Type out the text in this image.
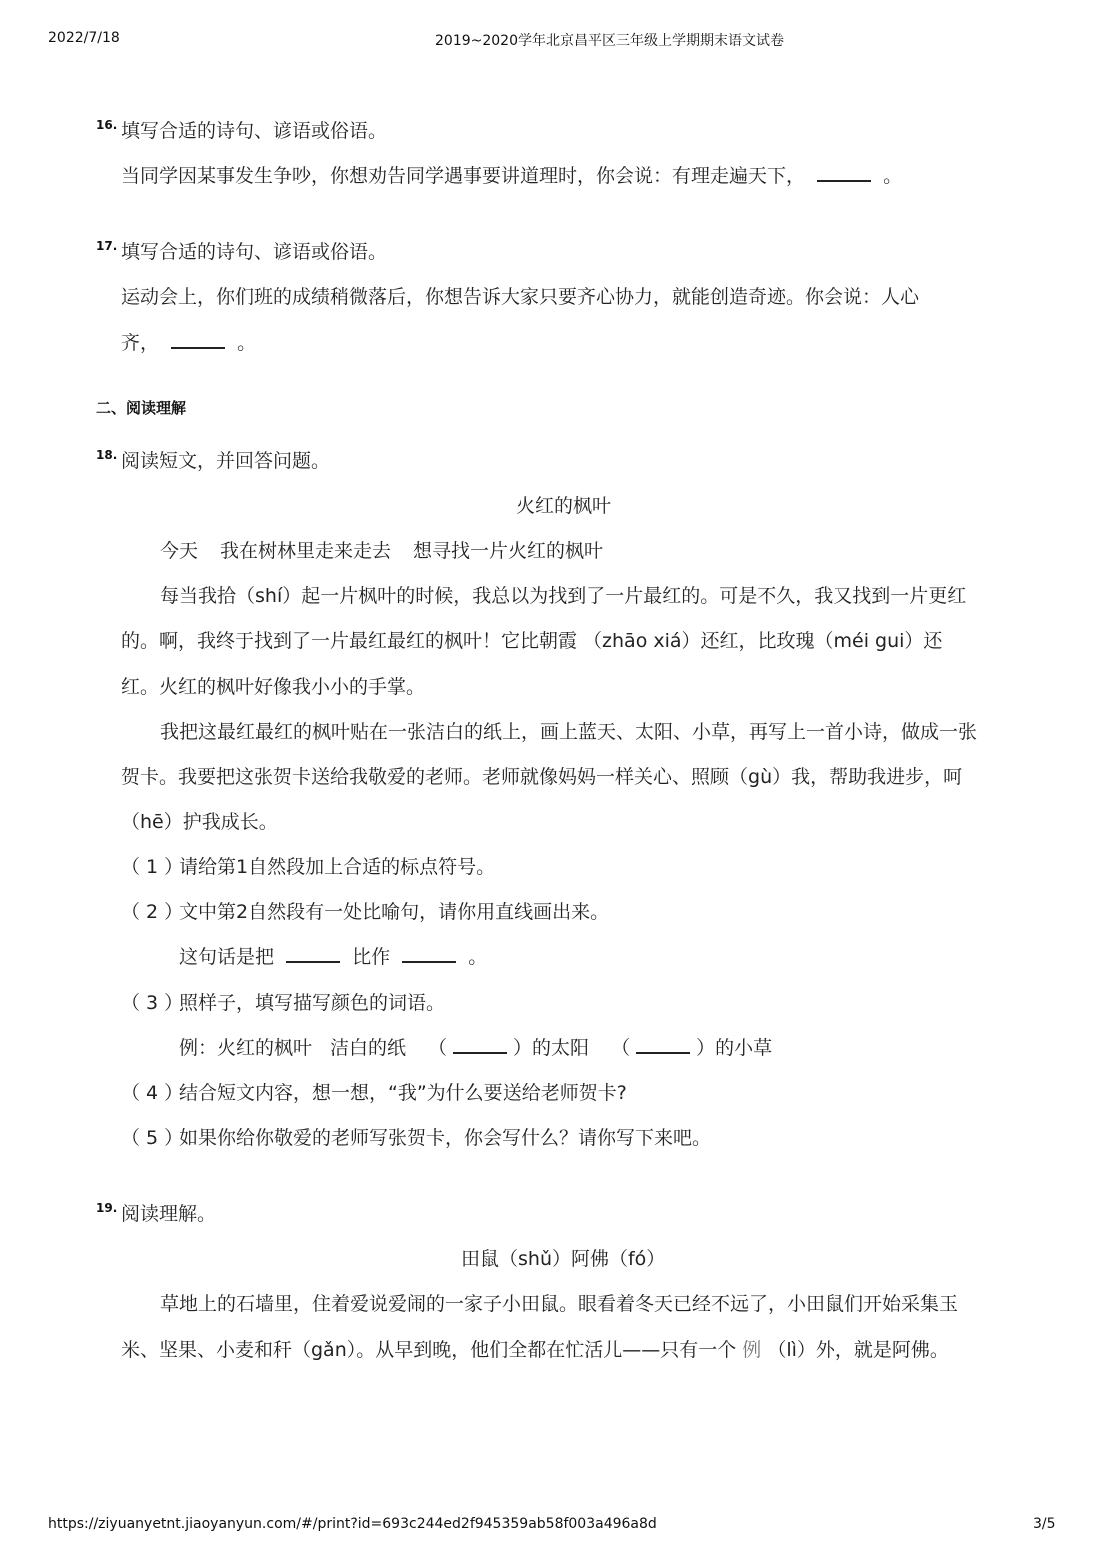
2022/7/18	2019~2020学年北京昌平区三年级上学期期末语文试卷
16. 填写合适的诗句、谚语或俗语。
当同学因某事发生争吵，你想劝告同学遇事要讲道理时，你会说：有理走遍天下，	。
17. 填写合适的诗句、谚语或俗语。
运动会上，你们班的成绩稍微落后，你想告诉大家只要齐心协力，就能创造奇迹。你会说：人心
齐，	。
二、阅读理解
18. 阅读短文，并回答问题。
火红的枫叶
今天 我在树林里走来走去 想寻找一片火红的枫叶
每当我拾（shí）起一片枫叶的时候，我总以为找到了一片最红的。可是不久，我又找到一片更红
的。啊，我终于找到了一片最红最红的枫叶！它比朝霞 （zhāo xiá）还红，比玫瑰（méi gui）还
红。火红的枫叶好像我小小的手掌。
我把这最红最红的枫叶贴在一张洁白的纸上，画上蓝天、太阳、小草，再写上一首小诗，做成一张
贺卡。我要把这张贺卡送给我敬爱的老师。老师就像妈妈一样关心、照顾（gù）我，帮助我进步，呵
（hē）护我成长。
（ 1 ）
请给第1自然段加上合适的标点符号。
（ 2 ）
文中第2自然段有一处比喻句，请你用直线画出来。
这句话是把	比作	。
（ 3 ）
照样子，填写描写颜色的词语。
例：火红的枫叶 洁白的纸 （	）的太阳 （	）的小草
（ 4 ）
结合短文内容，想一想，“我”为什么要送给老师贺卡?
（ 5 ）
如果你给你敬爱的老师写张贺卡，你会写什么？请你写下来吧。
19. 阅读理解。
田鼠（shǔ）阿佛（fó）
草地上的石墙里，住着爱说爱闹的一家子小田鼠。眼看着冬天已经不远了，小田鼠们开始采集玉
米、坚果、小麦和秆（gǎn）。从早到晚，他们全都在忙活儿——只有一个 例 （lì）外，就是阿佛。
https://ziyuanyetnt.jiaoyanyun.com/#/print?id=693c244ed2f945359ab58f003a496a8d	3/5
